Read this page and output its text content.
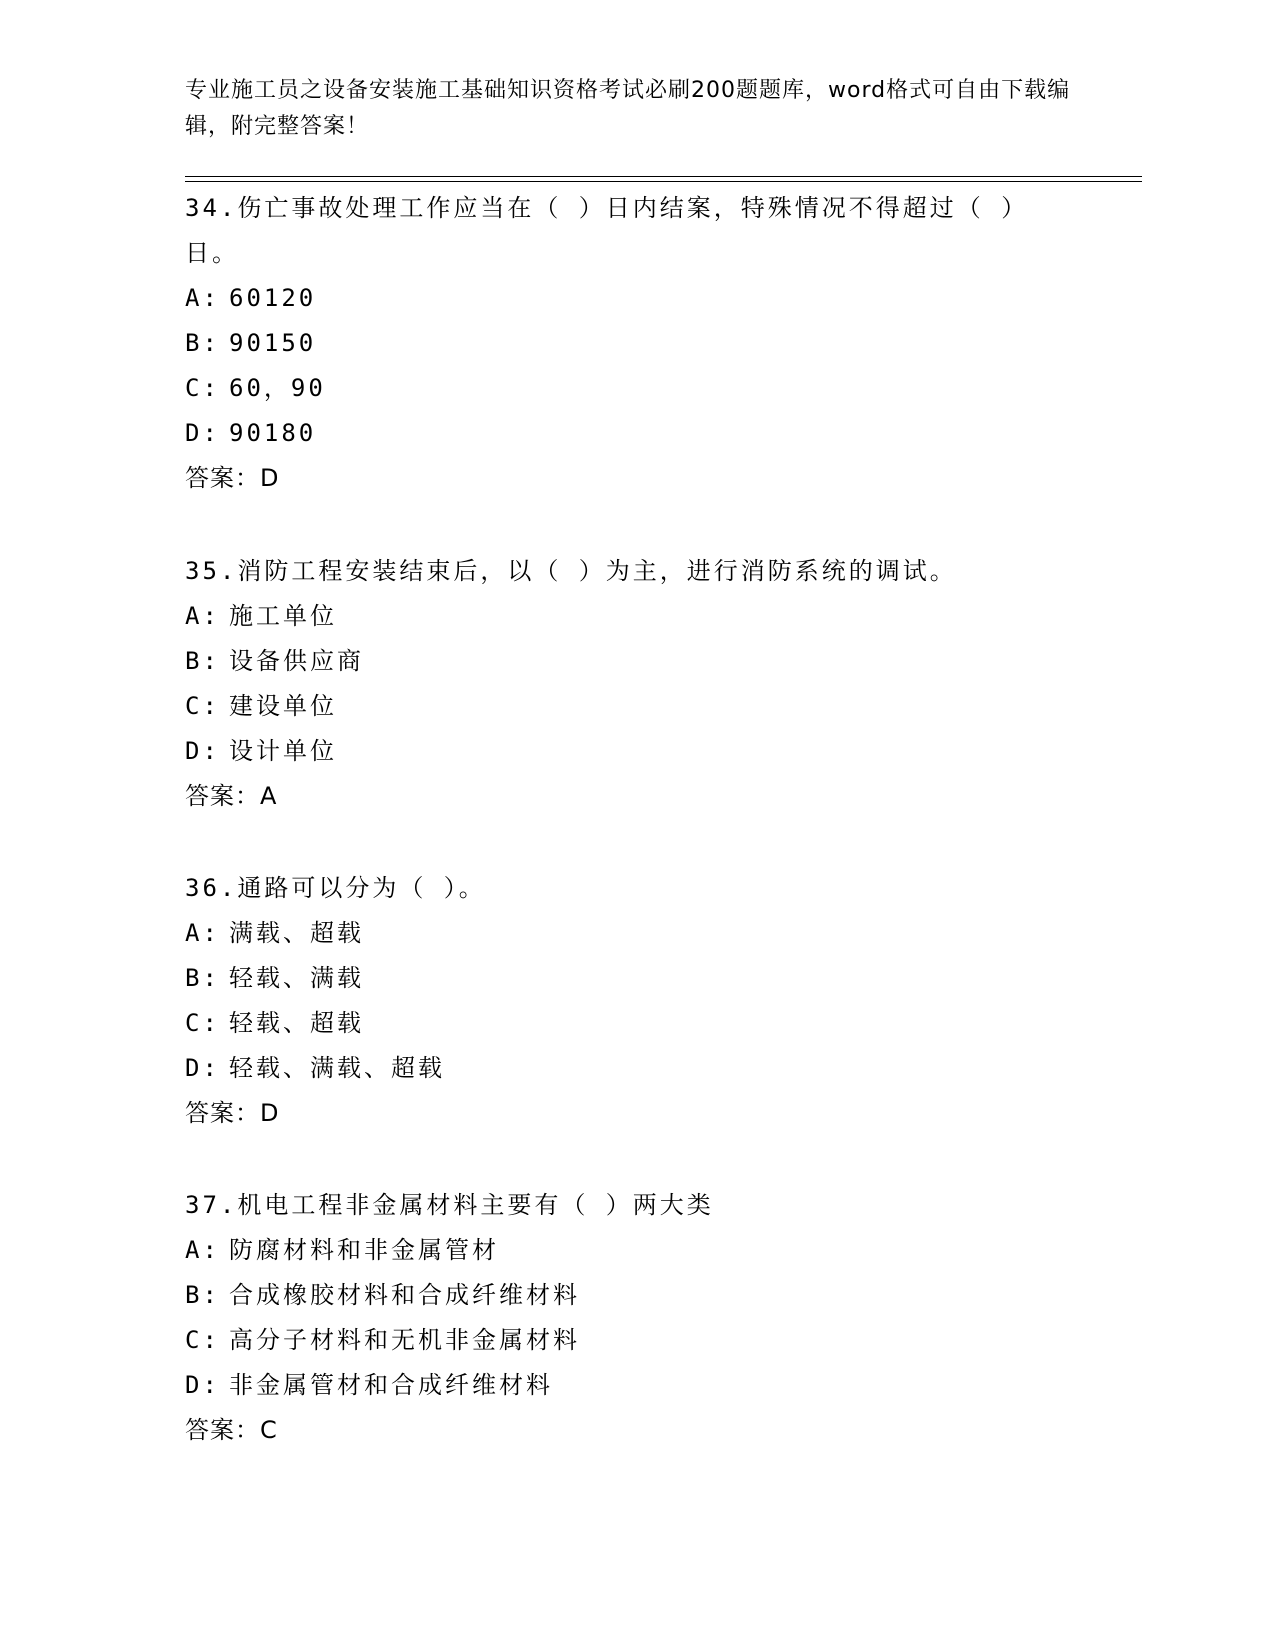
专业施工员之设备安装施工基础知识资格考试必刷200题题库，word格式可自由下载编辑，附完整答案！

34.伤亡事故处理工作应当在（ ）日内结案，特殊情况不得超过（ ）日。

A: 60120
B: 90150
C: 60，90
D: 90180
答案：D

35.消防工程安装结束后，以（ ）为主，进行消防系统的调试。

A: 施工单位
B: 设备供应商
C: 建设单位
D: 设计单位
答案：A

36.通路可以分为（ ）。

A: 满载、超载
B: 轻载、满载
C: 轻载、超载
D: 轻载、满载、超载
答案：D

37.机电工程非金属材料主要有（ ）两大类

A: 防腐材料和非金属管材
B: 合成橡胶材料和合成纤维材料
C: 高分子材料和无机非金属材料
D: 非金属管材和合成纤维材料
答案：C
